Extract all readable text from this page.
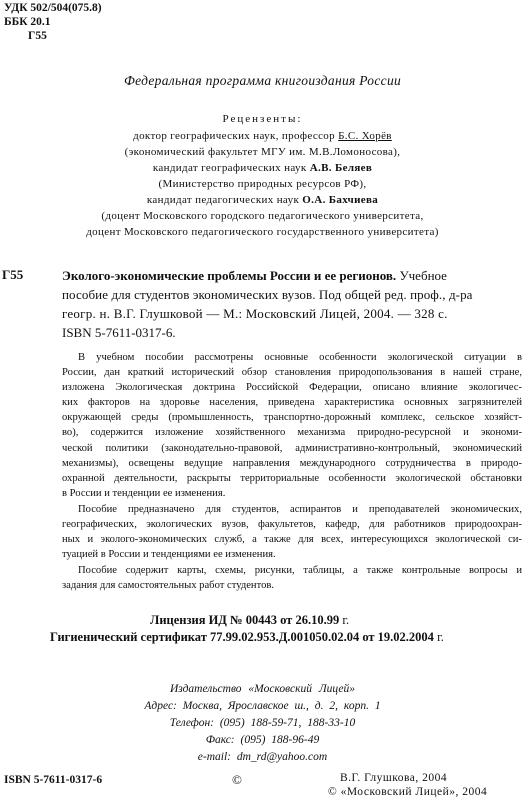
УДК 502/504(075.8)
ББК 20.1
Г55
Федеральная программа книгоиздания России
Рецензенты:
доктор географических наук, профессор Б.С. Хорёв
(экономический факультет МГУ им. М.В.Ломоносова),
кандидат географических наук А.В. Беляев
(Министерство природных ресурсов РФ),
кандидат педагогических наук О.А. Бахчиева
(доцент Московского городского педагогического университета,
доцент Московского педагогического государственного университета)
Г55	Эколого-экономические проблемы России и ее регионов. Учебное
пособие для студентов экономических вузов. Под общей ред. проф., д-ра
геогр. н. В.Г. Глушковой — М.: Московский Лицей, 2004. — 328 с.
ISBN 5-7611-0317-6.
В учебном пособии рассмотрены основные особенности экологической ситуации в
России, дан краткий исторический обзор становления природопользования в нашей стране,
изложена Экологическая доктрина Российской Федерации, описано влияние экологичес-
ких факторов на здоровье населения, приведена характеристика основных загрязнителей
окружающей среды (промышленность, транспортно-дорожный комплекс, сельское хозяйст-
во), содержится изложение хозяйственного механизма природно-ресурсной и экономи-
ческой политики (законодательно-правовой, административно-контрольный, экономический
механизмы), освещены ведущие направления международного сотрудничества в природо-
охранной деятельности, раскрыты территориальные особенности экологической обстановки
в России и тенденции ее изменения.
Пособие предназначено для студентов, аспирантов и преподавателей экономических,
географических, экологических вузов, факультетов, кафедр, для работников природоохран-
ных и эколого-экономических служб, а также для всех, интересующихся экологической си-
туацией в России и тенденциями ее изменения.
Пособие содержит карты, схемы, рисунки, таблицы, а также контрольные вопросы и
задания для самостоятельных работ студентов.
Лицензия ИД № 00443 от 26.10.99 г.
Гигиенический сертификат 77.99.02.953.Д.001050.02.04 от 19.02.2004 г.
Издательство «Московский Лицей»
Адрес: Москва, Ярославское ш., д. 2, корп. 1
Телефон: (095) 188-59-71, 188-33-10
Факс: (095) 188-96-49
e-mail: dm_rd@yahoo.com
ISBN 5-7611-0317-6	©	В.Г. Глушкова, 2004
© «Московский Лицей», 2004
